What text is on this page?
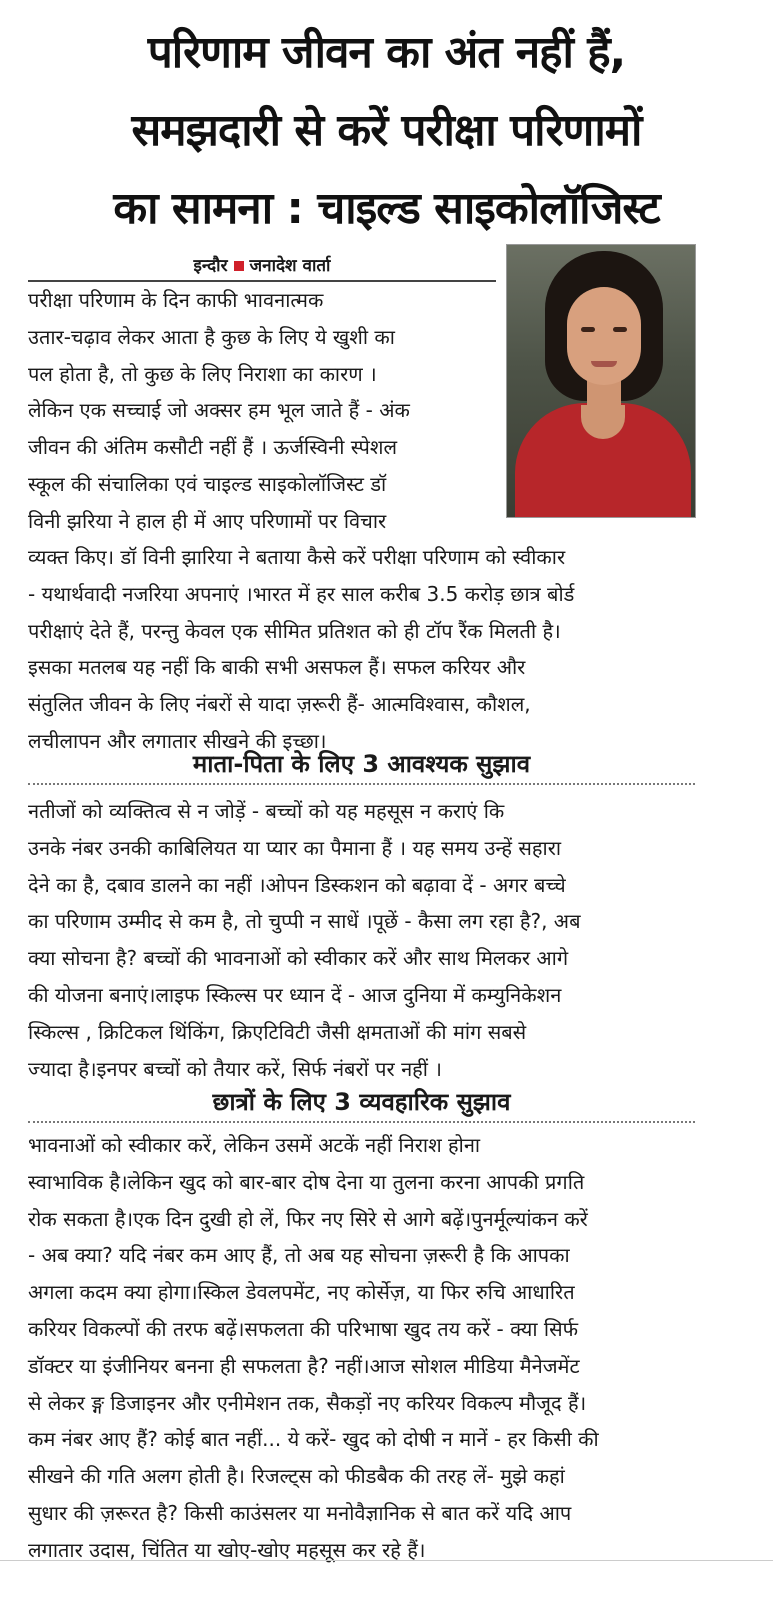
परिणाम जीवन का अंत नहीं हैं,
समझदारी से करें परीक्षा परिणामों
का सामना : चाइल्ड साइकोलॉजिस्ट
इन्दौर जनादेश वार्ता
परीक्षा परिणाम के दिन काफी भावनात्मक
उतार-चढ़ाव लेकर आता है कुछ के लिए ये खुशी का
पल होता है, तो कुछ के लिए निराशा का कारण ।
लेकिन एक सच्चाई जो अक्सर हम भूल जाते हैं - अंक
जीवन की अंतिम कसौटी नहीं हैं । ऊर्जस्विनी स्पेशल
स्कूल की संचालिका एवं चाइल्ड साइकोलॉजिस्ट डॉ
विनी झरिया ने हाल ही में आए परिणामों पर विचार
व्यक्त किए। डॉ विनी झारिया ने बताया कैसे करें परीक्षा परिणाम को स्वीकार
- यथार्थवादी नजरिया अपनाएं ।भारत में हर साल करीब 3.5 करोड़ छात्र बोर्ड
परीक्षाएं देते हैं, परन्तु केवल एक सीमित प्रतिशत को ही टॉप रैंक मिलती है।
इसका मतलब यह नहीं कि बाकी सभी असफल हैं। सफल करियर और
संतुलित जीवन के लिए नंबरों से यादा ज़रूरी हैं- आत्मविश्वास, कौशल,
लचीलापन और लगातार सीखने की इच्छा।
माता-पिता के लिए 3 आवश्यक सुझाव
नतीजों को व्यक्तित्व से न जोड़ें - बच्चों को यह महसूस न कराएं कि
उनके नंबर उनकी काबिलियत या प्यार का पैमाना हैं । यह समय उन्हें सहारा
देने का है, दबाव डालने का नहीं ।ओपन डिस्कशन को बढ़ावा दें - अगर बच्चे
का परिणाम उम्मीद से कम है, तो चुप्पी न साधें ।पूछें - कैसा लग रहा है?, अब
क्या सोचना है? बच्चों की भावनाओं को स्वीकार करें और साथ मिलकर आगे
की योजना बनाएं।लाइफ स्किल्स पर ध्यान दें - आज दुनिया में कम्युनिकेशन
स्किल्स , क्रिटिकल थिंकिंग, क्रिएटिविटी जैसी क्षमताओं की मांग सबसे
ज्यादा है।इनपर बच्चों को तैयार करें, सिर्फ नंबरों पर नहीं ।
छात्रों के लिए 3 व्यवहारिक सुझाव
भावनाओं को स्वीकार करें, लेकिन उसमें अटकें नहीं निराश होना
स्वाभाविक है।लेकिन खुद को बार-बार दोष देना या तुलना करना आपकी प्रगति
रोक सकता है।एक दिन दुखी हो लें, फिर नए सिरे से आगे बढ़ें।पुनर्मूल्यांकन करें
- अब क्या? यदि नंबर कम आए हैं, तो अब यह सोचना ज़रूरी है कि आपका
अगला कदम क्या होगा।स्किल डेवलपमेंट, नए कोर्सेज़, या फिर रुचि आधारित
करियर विकल्पों की तरफ बढ़ें।सफलता की परिभाषा खुद तय करें - क्या सिर्फ
डॉक्टर या इंजीनियर बनना ही सफलता है? नहीं।आज सोशल मीडिया मैनेजमेंट
से लेकर ङ्ग डिजाइनर और एनीमेशन तक, सैकड़ों नए करियर विकल्प मौजूद हैं।
कम नंबर आए हैं? कोई बात नहीं... ये करें- खुद को दोषी न मानें - हर किसी की
सीखने की गति अलग होती है। रिजल्ट्स को फीडबैक की तरह लें- मुझे कहां
सुधार की ज़रूरत है? किसी काउंसलर या मनोवैज्ञानिक से बात करें यदि आप
लगातार उदास, चिंतित या खोए-खोए महसूस कर रहे हैं।
